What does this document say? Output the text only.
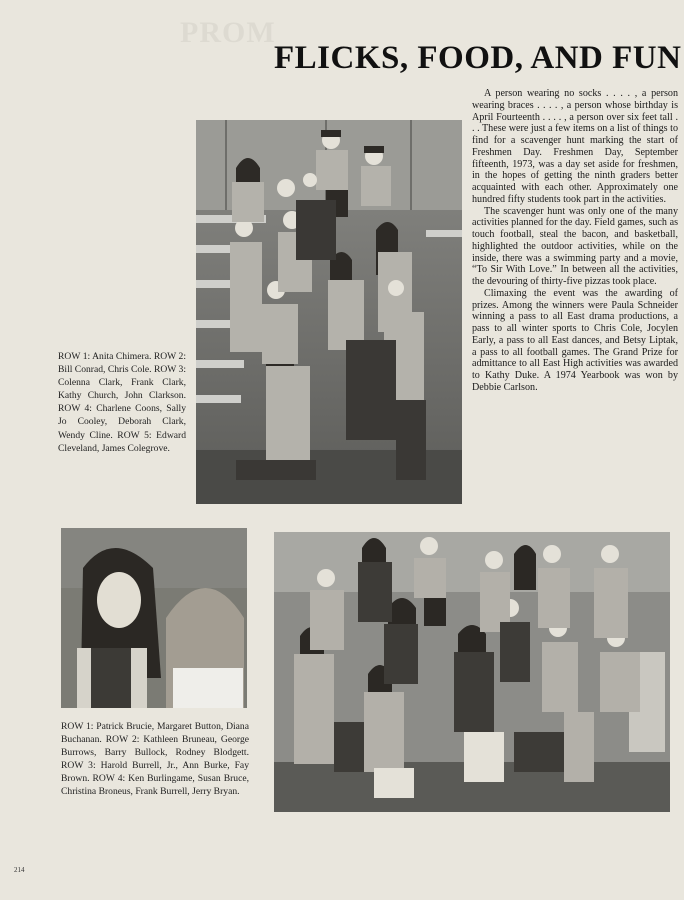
PROM
FLICKS, FOOD, AND FUN

ROW 1: Anita Chimera. ROW 2: Bill Conrad, Chris Cole. ROW 3: Colenna Clark, Frank Clark, Kathy Church, John Clarkson. ROW 4: Charlene Coons, Sally Jo Cooley, Deborah Clark, Wendy Cline. ROW 5: Edward Cleveland, James Colegrove.

A person wearing no socks . . . . , a person wearing braces . . . . , a person whose birthday is April Fourteenth . . . . , a person over six feet tall . . . These were just a few items on a list of things to find for a scavenger hunt marking the start of Freshmen Day. Freshmen Day, September fifteenth, 1973, was a day set aside for freshmen, in the hopes of getting the ninth graders better acquainted with each other. Approximately one hundred fifty students took part in the activities.

The scavenger hunt was only one of the many activities planned for the day. Field games, such as touch football, steal the bacon, and basketball, highlighted the outdoor activities, while on the inside, there was a swimming party and a movie, “To Sir With Love.” In between all the activities, the devouring of thirty-five pizzas took place.

Climaxing the event was the awarding of prizes. Among the winners were Paula Schneider winning a pass to all East drama productions, a pass to all winter sports to Chris Cole, Jocylen Early, a pass to all East dances, and Betsy Liptak, a pass to all football games. The Grand Prize for admittance to all East High activities was awarded to Kathy Duke. A 1974 Yearbook was won by Debbie Carlson.

ROW 1: Patrick Brucie, Margaret Button, Diana Buchanan. ROW 2: Kathleen Bruneau, George Burrows, Barry Bullock, Rodney Blodgett. ROW 3: Harold Burrell, Jr., Ann Burke, Fay Brown. ROW 4: Ken Burlingame, Susan Bruce, Christina Broneus, Frank Burrell, Jerry Bryan.

214
